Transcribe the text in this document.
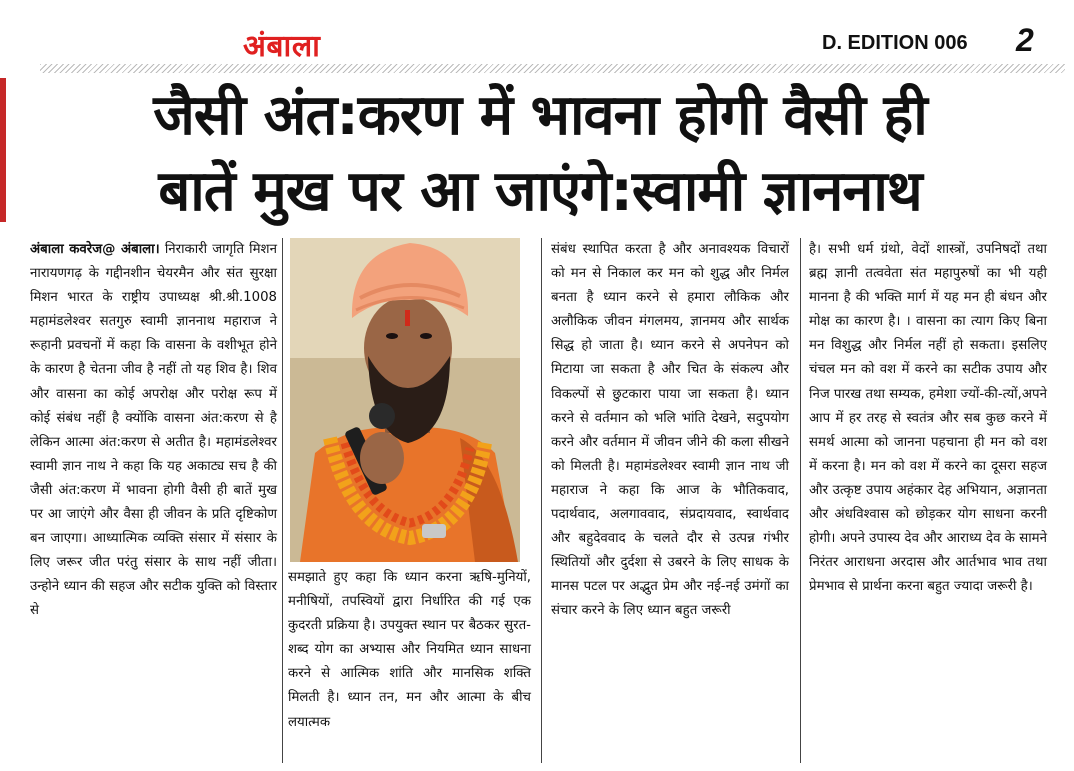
अंबाला	D. EDITION 006 2
जैसी अंत:करण में भावना होगी वैसी ही
बातें मुख पर आ जाएंगे:स्वामी ज्ञाननाथ

अंबाला कवरेज@ अंबाला। निराकारी जागृति मिशन नारायणगढ़ के गद्दीनशीन चेयरमैन और संत सुरक्षा मिशन भारत के राष्ट्रीय उपाध्यक्ष श्री.श्री.1008 महामंडलेश्वर सतगुरु स्वामी ज्ञाननाथ महाराज ने रूहानी प्रवचनों में कहा कि वासना के वशीभूत होने के कारण है चेतना जीव है नहीं तो यह शिव है। शिव और वासना का कोई अपरोक्ष और परोक्ष रूप में कोई संबंध नहीं है क्योंकि वासना अंत:करण से है लेकिन आत्मा अंत:करण से अतीत है। महामंडलेश्वर स्वामी ज्ञान नाथ ने कहा कि यह अकाट्य सच है की जैसी अंत:करण में भावना होगी वैसी ही बातें मुख पर आ जाएंगे और वैसा ही जीवन के प्रति दृष्टिकोण बन जाएगा। आध्यात्मिक व्यक्ति संसार में संसार के लिए जरूर जीत परंतु संसार के साथ नहीं जीता। उन्होने ध्यान की सहज और सटीक युक्ति को विस्तार से

समझाते हुए कहा कि ध्यान करना ऋषि-मुनियों, मनीषियों, तपस्वियों द्वारा निर्धारित की गई एक कुदरती प्रक्रिया है। उपयुक्त स्थान पर बैठकर सुरत-शब्द योग का अभ्यास और नियमित ध्यान साधना करने से आत्मिक शांति और मानसिक शक्ति मिलती है। ध्यान तन, मन और आत्मा के बीच लयात्मक

संबंध स्थापित करता है और अनावश्यक विचारों को मन से निकाल कर मन को शुद्ध और निर्मल बनता है ध्यान करने से हमारा लौकिक और अलौकिक जीवन मंगलमय, ज्ञानमय और सार्थक सिद्ध हो जाता है। ध्यान करने से अपनेपन को मिटाया जा सकता है और चित के संकल्प और विकल्पों से छुटकारा पाया जा सकता है। ध्यान करने से वर्तमान को भलि भांति देखने, सदुपयोग करने और वर्तमान में जीवन जीने की कला सीखने को मिलती है। महामंडलेश्वर स्वामी ज्ञान नाथ जी महाराज ने कहा कि आज के भौतिकवाद, पदार्थवाद, अलगाववाद, संप्रदायवाद, स्वार्थवाद और बहुदेववाद के चलते दौर से उत्पन्न गंभीर स्थितियों और दुर्दशा से उबरने के लिए साधक के मानस पटल पर अद्भुत प्रेम और नई-नई उमंगों का संचार करने के लिए ध्यान बहुत जरूरी

है। सभी धर्म ग्रंथो, वेदों शास्त्रों, उपनिषदों तथा ब्रह्म ज्ञानी तत्ववेता संत महापुरुषों का भी यही मानना है की भक्ति मार्ग में यह मन ही बंधन और मोक्ष का कारण है। । वासना का त्याग किए बिना मन विशुद्ध और निर्मल नहीं हो सकता। इसलिए चंचल मन को वश में करने का सटीक उपाय और निज पारख तथा सम्यक, हमेशा ज्यों-की-त्यों,अपने आप में हर तरह से स्वतंत्र और सब कुछ करने में समर्थ आत्मा को जानना पहचाना ही मन को वश में करना है। मन को वश में करने का दूसरा सहज और उत्कृष्ट उपाय अहंकार देह अभियान, अज्ञानता और अंधविश्वास को छोड़कर योग साधना करनी होगी। अपने उपास्य देव और आराध्य देव के सामने निरंतर आराधना अरदास और आर्तभाव भाव तथा प्रेमभाव से प्रार्थना करना बहुत ज्यादा जरूरी है।
